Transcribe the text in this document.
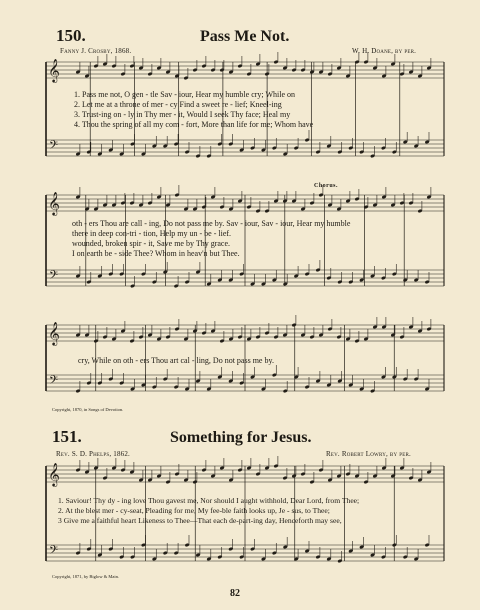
𝄞
𝄢
𝄞
𝄢
𝄞
𝄢
𝄞
𝄢
150.	Pass Me Not.
Fanny J. Crosby, 1868.	W. H. Doane, by per.
1. Pass me not, O gen - tle Sav - iour, Hear my humble cry; While on
2. Let me at a throne of mer - cy Find a sweet re - lief; Kneel-ing
3. Trust-ing on - ly in Thy mer - it, Would I seek Thy face; Heal my
4. Thou the spring of all my com - fort, More than life for me; Whom have
Chorus.
oth - ers Thou are call - ing, Do not pass me by. Sav - iour, Sav - iour, Hear my humble
there in deep con-tri - tion, Help my un - be - lief.
wounded, broken spir - it, Save me by Thy grace.
I on earth be - side Thee? Whom in heav'n but Thee.
cry, While on oth - ers Thou art cal - ling, Do not pass me by.
Copyright, 1870, in Songs of Devotion.
151.	Something for Jesus.
Rev. S. D. Phelps, 1862.	Rev. Robert Lowry, by per.
1. Saviour! Thy dy - ing love Thou gavest me, Nor should I aught withhold, Dear Lord, from Thee;
2. At the blest mer - cy-seat, Pleading for me, My fee-ble faith looks up, Je - sus, to Thee;
3 Give me a faithful heart Likeness to Thee—That each de-part-ing day, Henceforth may see,
Copyright, 1871, by Biglow & Main.
82
